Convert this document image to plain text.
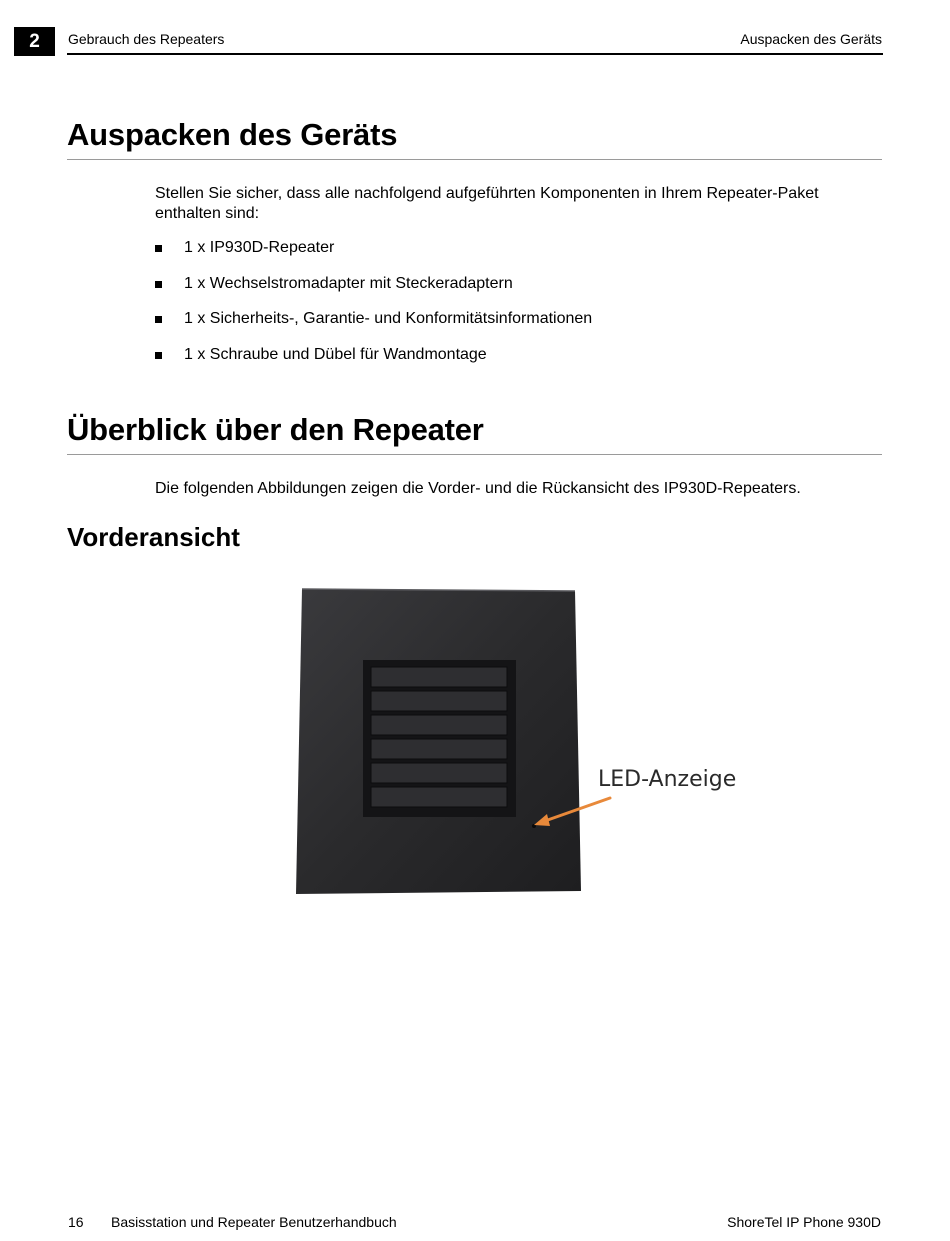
2	Gebrauch des Repeaters	Auspacken des Geräts
Auspacken des Geräts
Stellen Sie sicher, dass alle nachfolgend aufgeführten Komponenten in Ihrem Repeater-Paket enthalten sind:
1 x IP930D-Repeater
1 x Wechselstromadapter mit Steckeradaptern
1 x Sicherheits-, Garantie- und Konformitätsinformationen
1 x Schraube und Dübel für Wandmontage
Überblick über den Repeater
Die folgenden Abbildungen zeigen die Vorder- und die Rückansicht des IP930D-Repeaters.
Vorderansicht
LED-Anzeige
16 Basisstation und Repeater Benutzerhandbuch	ShoreTel IP Phone 930D
